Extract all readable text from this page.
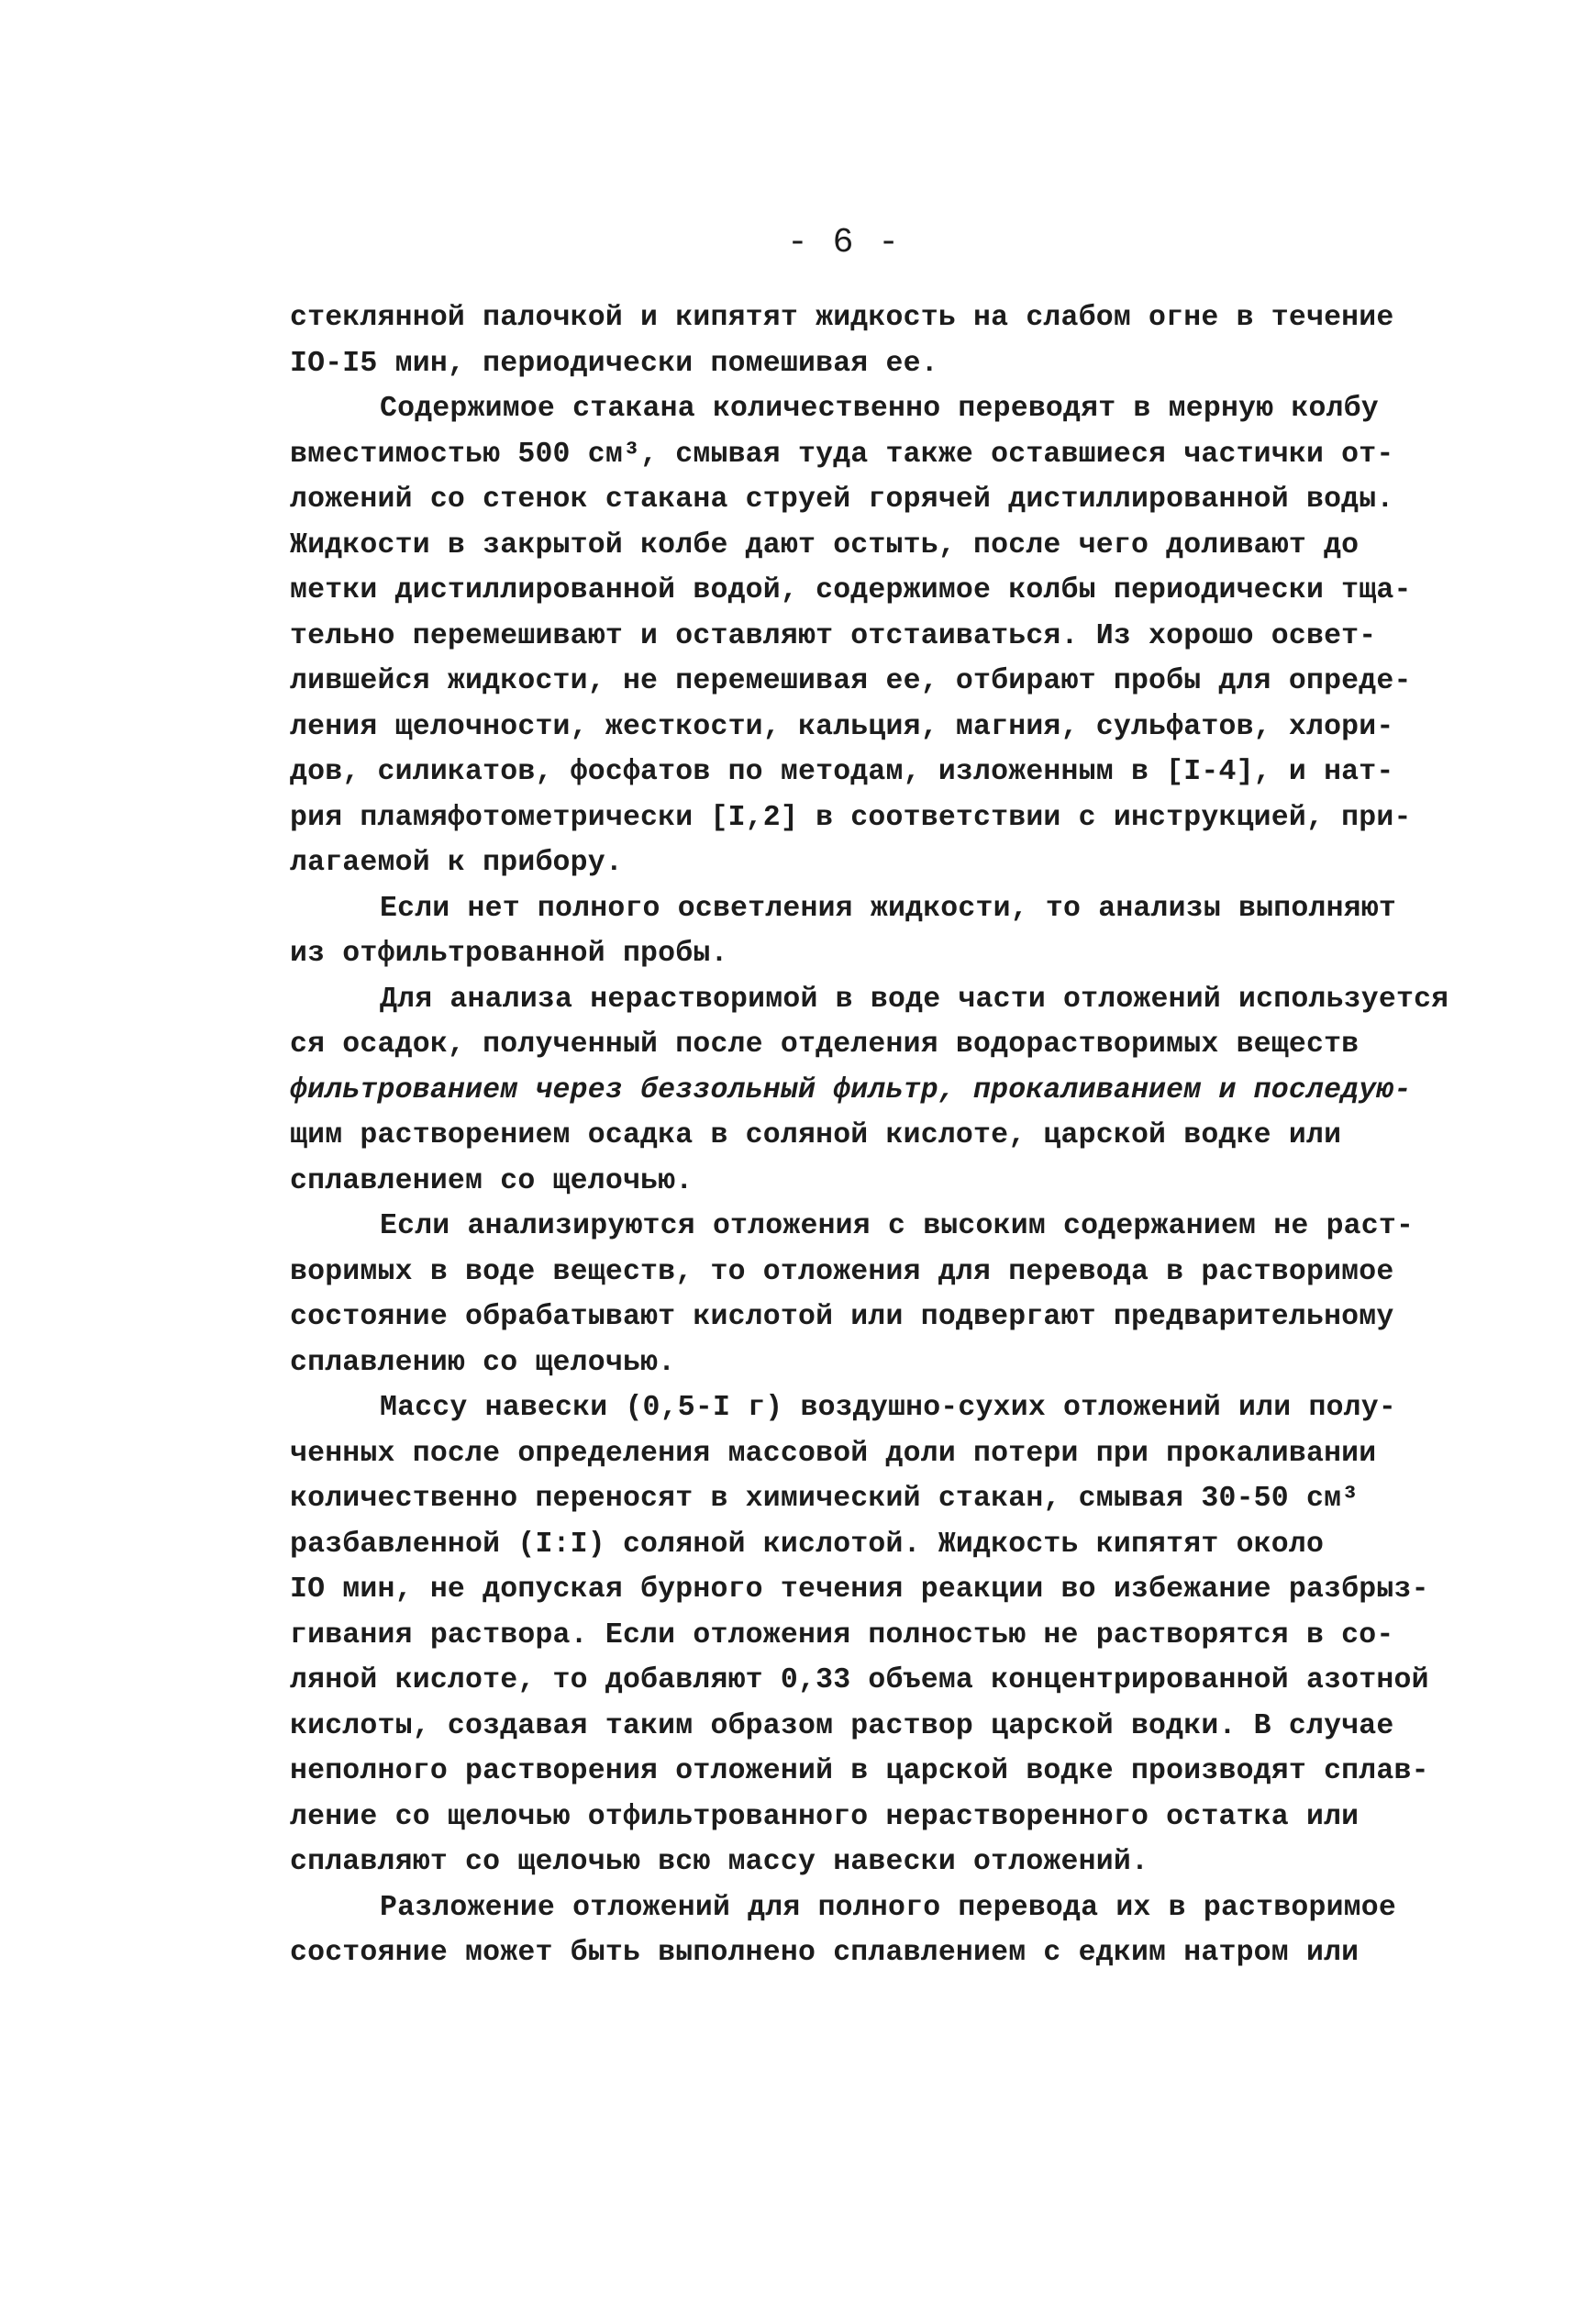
- 6 -
стеклянной палочкой и кипятят жидкость на слабом огне в течение
IO-I5 мин, периодически помешивая ее.
Содержимое стакана количественно переводят в мерную колбу
вместимостью 500 см³, смывая туда также оставшиеся частички от-
ложений со стенок стакана струей горячей дистиллированной воды.
Жидкости в закрытой колбе дают остыть, после чего доливают до
метки дистиллированной водой, содержимое колбы периодически тща-
тельно перемешивают и оставляют отстаиваться. Из хорошо освет-
лившейся жидкости, не перемешивая ее, отбирают пробы для опреде-
ления щелочности, жесткости, кальция, магния, сульфатов, хлори-
дов, силикатов, фосфатов по методам, изложенным в [I-4], и нат-
рия пламяфотометрически [I,2] в соответствии с инструкцией, при-
лагаемой к прибору.
Если нет полного осветления жидкости, то анализы выполняют
из отфильтрованной пробы.
Для анализа нерастворимой в воде части отложений используется
ся осадок, полученный после отделения водорастворимых веществ
фильтрованием через беззольный фильтр, прокаливанием и последую-
щим растворением осадка в соляной кислоте, царской водке или
сплавлением со щелочью.
Если анализируются отложения с высоким содержанием не раст-
воримых в воде веществ, то отложения для перевода в растворимое
состояние обрабатывают кислотой или подвергают предварительному
сплавлению со щелочью.
Массу навески (0,5-I г) воздушно-сухих отложений или полу-
ченных после определения массовой доли потери при прокаливании
количественно переносят в химический стакан, смывая 30-50 см³
разбавленной (I:I) соляной кислотой. Жидкость кипятят около
IO мин, не допуская бурного течения реакции во избежание разбрыз-
гивания раствора. Если отложения полностью не растворятся в со-
ляной кислоте, то добавляют 0,33 объема концентрированной азотной
кислоты, создавая таким образом раствор царской водки. В случае
неполного растворения отложений в царской водке производят сплав-
ление со щелочью отфильтрованного нерастворенного остатка или
сплавляют со щелочью всю массу навески отложений.
Разложение отложений для полного перевода их в растворимое
состояние может быть выполнено сплавлением с едким натром или
